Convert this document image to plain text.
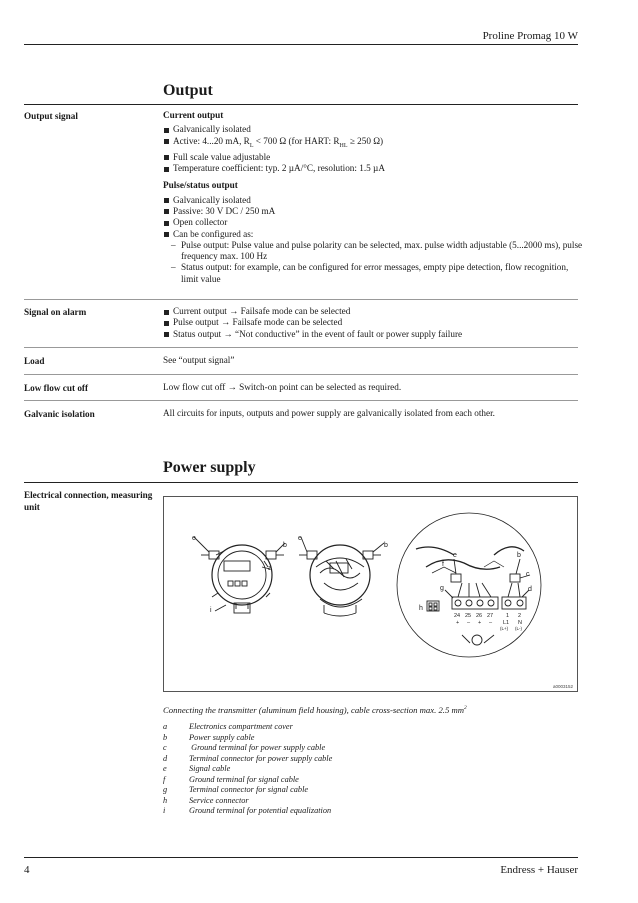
Proline Promag 10 W
Output
Output signal	Current output
Galvanically isolated
Active: 4...20 mA, $R_L < 700$ Ω (for HART: $R_{HL} \ge 250$ Ω)
Full scale value adjustable
Temperature coefficient: typ. 2 µA/°C, resolution: 1.5 µA
Pulse/status output
Galvanically isolated
Passive: 30 V DC / 250 mA
Open collector
Can be configured as:
– Pulse output: Pulse value and pulse polarity can be selected, max. pulse width adjustable (5...2000 ms), pulse frequency max. 100 Hz
– Status output: for example, can be configured for error messages, empty pipe detection, flow recognition, limit value
Signal on alarm	Current output → Failsafe mode can be selected
Pulse output → Failsafe mode can be selected
Status output → “Not conductive” in the event of fault or power supply failure
Load	See “output signal”
Low flow cut off	Low flow cut off → Switch-on point can be selected as required.
Galvanic isolation	All circuits for inputs, outputs and power supply are galvanically isolated from each other.
Power supply
Electrical connection, measuring unit
e
b
a
i
e
b
e	b
f
c
g	d
h
24 25 26 27 1 2
+ – + – L1 N
(L+) (L-)
a0003152
Connecting the transmitter (aluminum field housing), cable cross-section max. 2.5 $mm^2$
a	Electronics compartment cover
b	Power supply cable
c	Ground terminal for power supply cable
d	Terminal connector for power supply cable
e	Signal cable
f	Ground terminal for signal cable
g	Terminal connector for signal cable
h	Service connector
i	Ground terminal for potential equalization
4	Endress + Hauser
